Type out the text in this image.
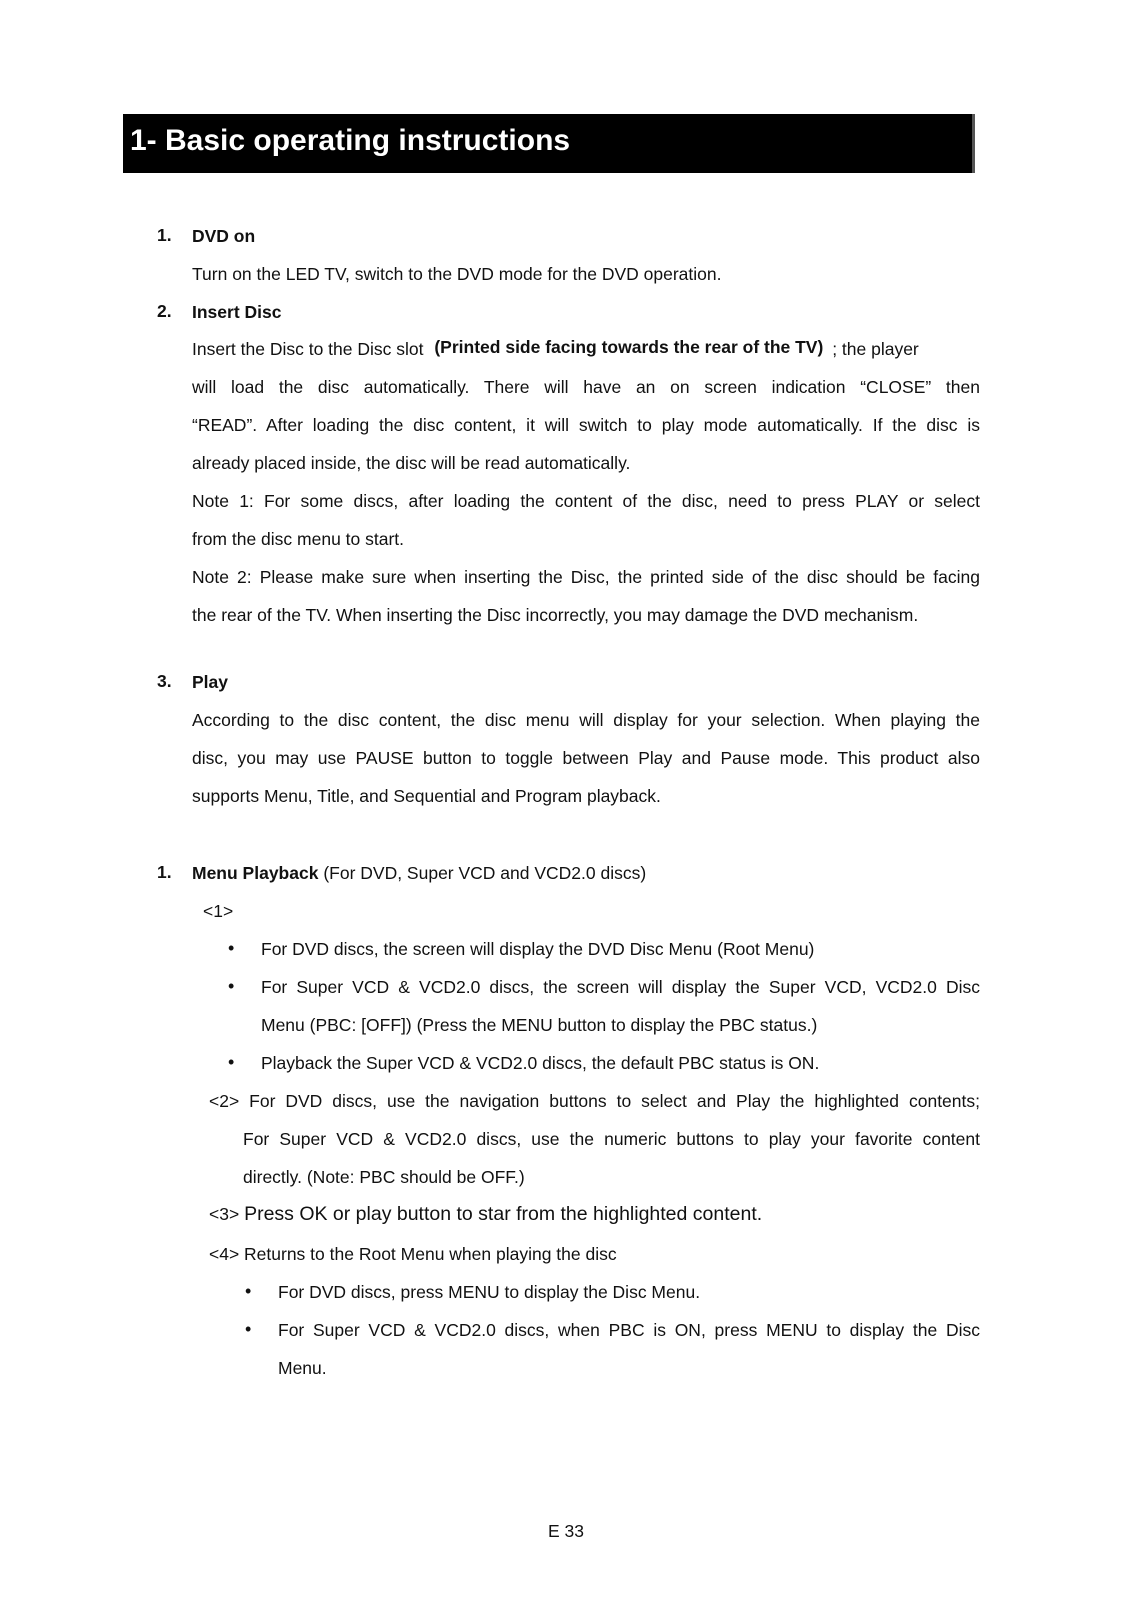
1- Basic operating instructions
1. DVD on
Turn on the LED TV, switch to the DVD mode for the DVD operation.
2. Insert Disc
Insert the Disc to the Disc slot (Printed side facing towards the rear of the TV) ; the player
will load the disc automatically. There will have an on screen indication “CLOSE” then
“READ”. After loading the disc content, it will switch to play mode automatically. If the disc is
already placed inside, the disc will be read automatically.
Note 1: For some discs, after loading the content of the disc, need to press PLAY or select
from the disc menu to start.
Note 2: Please make sure when inserting the Disc, the printed side of the disc should be facing
the rear of the TV. When inserting the Disc incorrectly, you may damage the DVD mechanism.
3. Play
According to the disc content, the disc menu will display for your selection. When playing the
disc, you may use PAUSE button to toggle between Play and Pause mode. This product also
supports Menu, Title, and Sequential and Program playback.
1. Menu Playback (For DVD, Super VCD and VCD2.0 discs)
<1>
• For DVD discs, the screen will display the DVD Disc Menu (Root Menu)
• For Super VCD & VCD2.0 discs, the screen will display the Super VCD, VCD2.0 Disc
Menu (PBC: [OFF]) (Press the MENU button to display the PBC status.)
• Playback the Super VCD & VCD2.0 discs, the default PBC status is ON.
<2> For DVD discs, use the navigation buttons to select and Play the highlighted contents;
For Super VCD & VCD2.0 discs, use the numeric buttons to play your favorite content
directly. (Note: PBC should be OFF.)
<3> Press OK or play button to star from the highlighted content.
<4> Returns to the Root Menu when playing the disc
• For DVD discs, press MENU to display the Disc Menu.
• For Super VCD & VCD2.0 discs, when PBC is ON, press MENU to display the Disc
Menu.
E 33
